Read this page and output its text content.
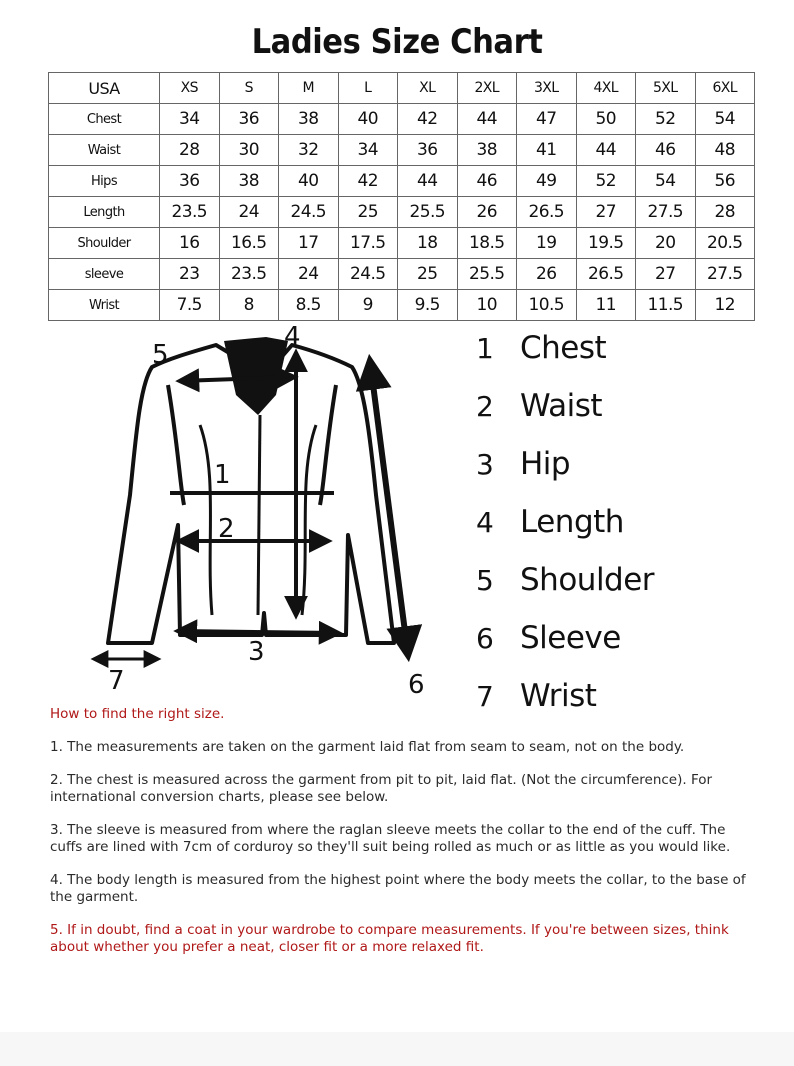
Ladies Size Chart
USA	XS	S	M	L	XL	2XL	3XL	4XL	5XL	6XL
Chest	34	36	38	40	42	44	47	50	52	54
Waist	28	30	32	34	36	38	41	44	46	48
Hips	36	38	40	42	44	46	49	52	54	56
Length	23.5	24	24.5	25	25.5	26	26.5	27	27.5	28
Shoulder	16	16.5	17	17.5	18	18.5	19	19.5	20	20.5
sleeve	23	23.5	24	24.5	25	25.5	26	26.5	27	27.5
Wrist	7.5	8	8.5	9	9.5	10	10.5	11	11.5	12
1
2
3
4
5
6
7
1 Chest
2 Waist
3 Hip
4 Length
5 Shoulder
6 Sleeve
7 Wrist
How to find the right size.
1. The measurements are taken on the garment laid flat from seam to seam, not on the body.
2. The chest is measured across the garment from pit to pit, laid flat. (Not the circumference). For international conversion charts, please see below.
3. The sleeve is measured from where the raglan sleeve meets the collar to the end of the cuff. The cuffs are lined with 7cm of corduroy so they'll suit being rolled as much or as little as you would like.
4. The body length is measured from the highest point where the body meets the collar, to the base of the garment.
5. If in doubt, find a coat in your wardrobe to compare measurements. If you're between sizes, think about whether you prefer a neat, closer fit or a more relaxed fit.
